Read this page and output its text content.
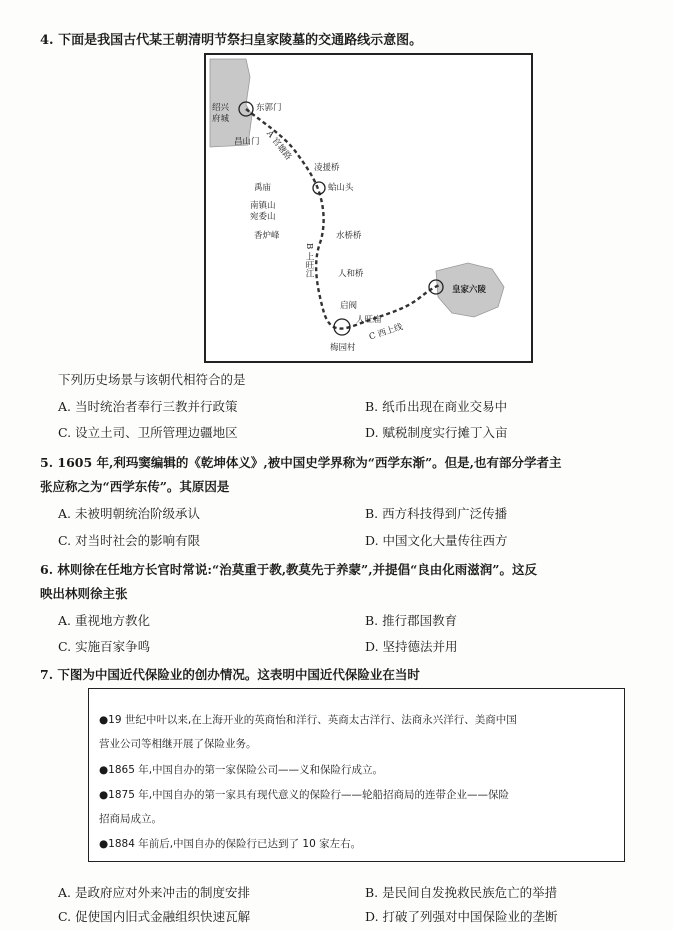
4. 下面是我国古代某王朝清明节祭扫皇家陵墓的交通路线示意图。
绍兴府城
东郭门
昌山门 A 官塘路
凌援桥
蛤山头
禹庙
南镇山
宛委山
香炉峰	水桥桥
B 上旺江	人和桥
启阀
人旺庙
C 西上线
梅园村
皇家六陵
下列历史场景与该朝代相符合的是
A. 当时统治者奉行三教并行政策	B. 纸币出现在商业交易中
C. 设立土司、卫所管理边疆地区	D. 赋税制度实行摊丁入亩
5. 1605 年,利玛窦编辑的《乾坤体义》,被中国史学界称为“西学东渐”。但是,也有部分学者主
张应称之为“西学东传”。其原因是
A. 未被明朝统治阶级承认	B. 西方科技得到广泛传播
C. 对当时社会的影响有限	D. 中国文化大量传往西方
6. 林则徐在任地方长官时常说:“治莫重于教,教莫先于养蒙”,并提倡“良由化雨滋润”。这反
映出林则徐主张
A. 重视地方教化	B. 推行郡国教育
C. 实施百家争鸣	D. 坚持德法并用
7. 下图为中国近代保险业的创办情况。这表明中国近代保险业在当时
●19 世纪中叶以来,在上海开业的英商怡和洋行、英商太古洋行、法商永兴洋行、美商中国
营业公司等相继开展了保险业务。
●1865 年,中国自办的第一家保险公司——义和保险行成立。
●1875 年,中国自办的第一家具有现代意义的保险行——轮船招商局的连带企业——保险
招商局成立。
●1884 年前后,中国自办的保险行已达到了 10 家左右。
A. 是政府应对外来冲击的制度安排	B. 是民间自发挽救民族危亡的举措
C. 促使国内旧式金融组织快速瓦解	D. 打破了列强对中国保险业的垄断
